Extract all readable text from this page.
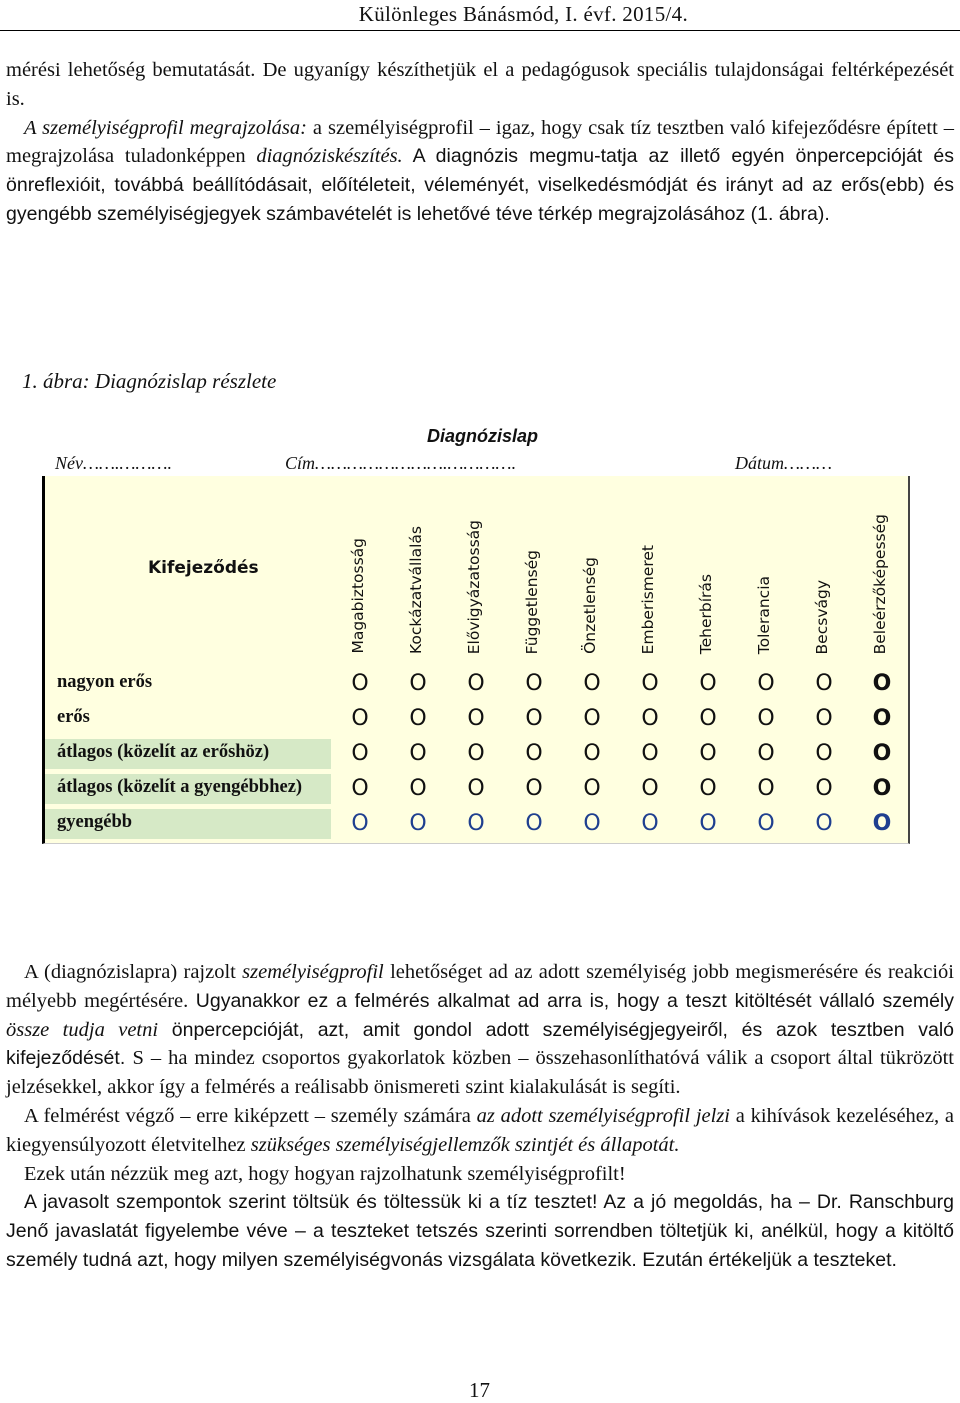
Különleges Bánásmód, I. évf. 2015/4.

mérési lehetőség bemutatását. De ugyanígy készíthetjük el a pedagógusok speciális tulajdonságai feltérképezését is.

A személyiségprofil megrajzolása: a személyiségprofil – igaz, hogy csak tíz tesztben való kifejeződésre épített – megrajzolása tuladonképpen diagnóziskészítés. A diagnózis megmu-tatja az illető egyén önpercepcióját és önreflexióit, továbbá beállítódásait, előítéleteit, véleményét, viselkedésmódját és irányt ad az erős(ebb) és gyengébb személyiségjegyek számbavételét is lehetővé téve térkép megrajzolásához (1. ábra).

1. ábra: Diagnózislap részlete
Diagnózislap
Név…….……….	Cím…………………….………….	Dátum………
Kifejeződés	Magabiztosság	Kockázatvállalás	Elővigyázatosság	Függetlenség	Önzetlenség	Emberismeret	Teherbírás	Tolerancia	Becsvágy	Beleérzőképesség
nagyon erős	O	O	O	O	O	O	O	O	O	O
erős	O	O	O	O	O	O	O	O	O	O
átlagos (közelít az erőshöz)	O	O	O	O	O	O	O	O	O	O
átlagos (közelít a gyengébbhez)	O	O	O	O	O	O	O	O	O	O
gyengébb	O	O	O	O	O	O	O	O	O	O

A (diagnózislapra) rajzolt személyiségprofil lehetőséget ad az adott személyiség jobb megismerésére és reakciói mélyebb megértésére. Ugyanakkor ez a felmérés alkalmat ad arra is, hogy a teszt kitöltését vállaló személy össze tudja vetni önpercepcióját, azt, amit gondol adott személyiségjegyeiről, és azok tesztben való kifejeződését. S – ha mindez csoportos gyakorlatok közben – összehasonlíthatóvá válik a csoport által tükrözött jelzésekkel, akkor így a felmérés a reálisabb önismereti szint kialakulását is segíti.

A felmérést végző – erre kiképzett – személy számára az adott személyiségprofil jelzi a kihívások kezeléséhez, a kiegyensúlyozott életvitelhez szükséges személyiségjellemzők szintjét és állapotát.

Ezek után nézzük meg azt, hogy hogyan rajzolhatunk személyiségprofilt!

A javasolt szempontok szerint töltsük és töltessük ki a tíz tesztet! Az a jó megoldás, ha – Dr. Ranschburg Jenő javaslatát figyelembe véve – a teszteket tetszés szerinti sorrendben töltetjük ki, anélkül, hogy a kitöltő személy tudná azt, hogy milyen személyiségvonás vizsgálata következik. Ezután értékeljük a teszteket.

17
